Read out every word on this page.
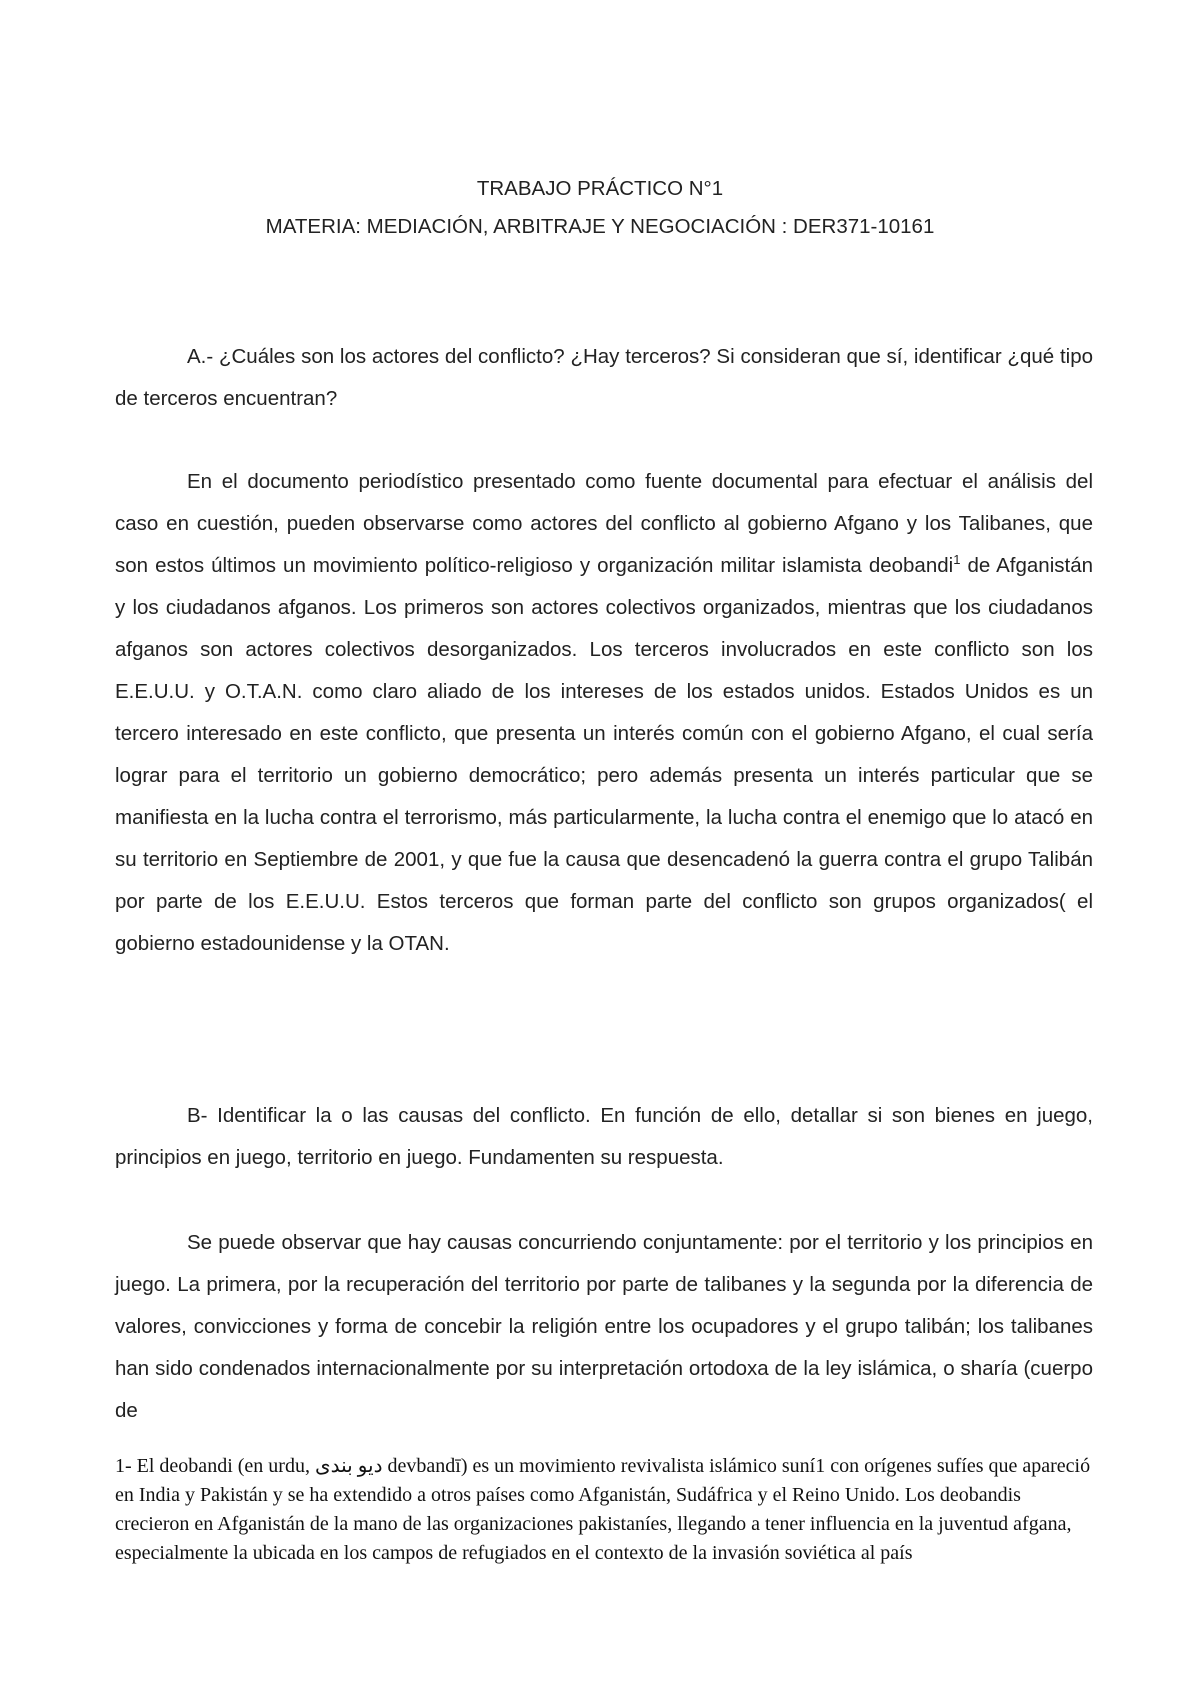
TRABAJO PRÁCTICO N°1
MATERIA: MEDIACIÓN, ARBITRAJE Y NEGOCIACIÓN : DER371-10161

A.- ¿Cuáles son los actores del conflicto? ¿Hay terceros? Si consideran que sí, identificar ¿qué tipo de terceros encuentran?

En el documento periodístico presentado como fuente documental para efectuar el análisis del caso en cuestión, pueden observarse como actores del conflicto al gobierno Afgano y los Talibanes, que son estos últimos un movimiento político-religioso y organización militar islamista deobandi$^1$ de Afganistán y los ciudadanos afganos. Los primeros son actores colectivos organizados, mientras que los ciudadanos afganos son actores colectivos desorganizados. Los terceros involucrados en este conflicto son los E.E.U.U. y O.T.A.N. como claro aliado de los intereses de los estados unidos. Estados Unidos es un tercero interesado en este conflicto, que presenta un interés común con el gobierno Afgano, el cual sería lograr para el territorio un gobierno democrático; pero además presenta un interés particular que se manifiesta en la lucha contra el terrorismo, más particularmente, la lucha contra el enemigo que lo atacó en su territorio en Septiembre de 2001, y que fue la causa que desencadenó la guerra contra el grupo Talibán por parte de los E.E.U.U. Estos terceros que forman parte del conflicto son grupos organizados( el gobierno estadounidense y la OTAN.

B- Identificar la o las causas del conflicto. En función de ello, detallar si son bienes en juego, principios en juego, territorio en juego. Fundamenten su respuesta.

Se puede observar que hay causas concurriendo conjuntamente: por el territorio y los principios en juego. La primera, por la recuperación del territorio por parte de talibanes y la segunda por la diferencia de valores, convicciones y forma de concebir la religión entre los ocupadores y el grupo talibán; los talibanes han sido condenados internacionalmente por su interpretación ortodoxa de la ley islámica, o sharía (cuerpo de

1- El deobandi (en urdu, دیو بندی devbandī) es un movimiento revivalista islámico suní1 con orígenes sufíes que apareció en India y Pakistán y se ha extendido a otros países como Afganistán, Sudáfrica y el Reino Unido. Los deobandis crecieron en Afganistán de la mano de las organizaciones pakistaníes, llegando a tener influencia en la juventud afgana, especialmente la ubicada en los campos de refugiados en el contexto de la invasión soviética al país
